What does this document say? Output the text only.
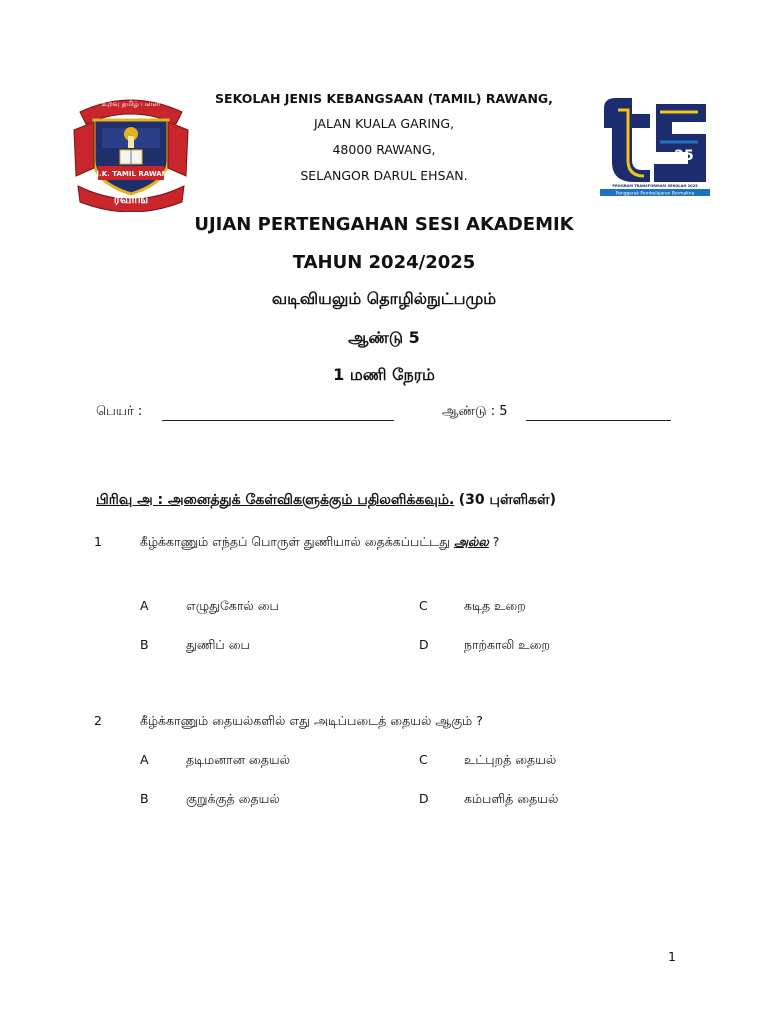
உறவு தமிழ் பள்ளி
S.J.K. TAMIL RAWANG
ரவாங்
25
PROGRAM TRANSFORMASI SEKOLAH 2025
Penggerak Pembelajaran Bermakna
SEKOLAH JENIS KEBANGSAAN (TAMIL) RAWANG,
JALAN KUALA GARING,
48000 RAWANG,
SELANGOR DARUL EHSAN.
UJIAN PERTENGAHAN SESI AKADEMIK
TAHUN 2024/2025
வடிவியலும் தொழில்நுட்பமும்
ஆண்டு 5
1 மணி நேரம்
பெயர் :	ஆண்டு : 5
பிரிவு அ : அனைத்துக் கேள்விகளுக்கும் பதிலளிக்கவும். (30 புள்ளிகள்)
1	கீழ்க்காணும் எந்தப் பொருள் துணியால் தைக்கப்பட்டது அல்ல ?
A	எழுதுகோல் பை
B	துணிப் பை
C	கடித உறை
D	நாற்காலி உறை
2	கீழ்க்காணும் தையல்களில் எது அடிப்படைத் தையல் ஆகும் ?
A	தடிமனான தையல்
B	குறுக்குத் தையல்
C	உட்புறத் தையல்
D	கம்பளித் தையல்
1
